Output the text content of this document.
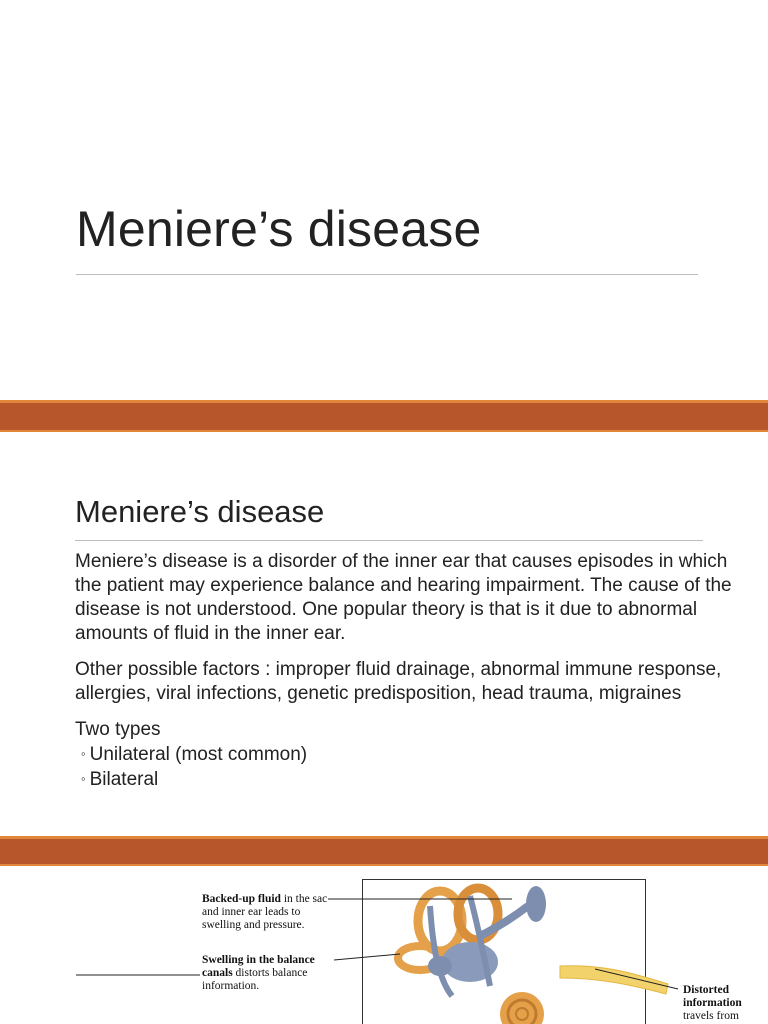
Meniere’s disease
Meniere’s disease

Meniere’s disease is a disorder of the inner ear that causes episodes in which the patient may experience balance and hearing impairment. The cause of the disease is not understood. One popular theory is that is it due to abnormal amounts of fluid in the inner ear.

Other possible factors : improper fluid drainage, abnormal immune response, allergies, viral infections, genetic predisposition, head trauma, migraines

Two types

◦ Unilateral (most common)
◦ Bilateral
Backed-up fluid in the sac and inner ear leads to swelling and pressure.
Swelling in the balance canals distorts balance information.	Distorted information travels from
